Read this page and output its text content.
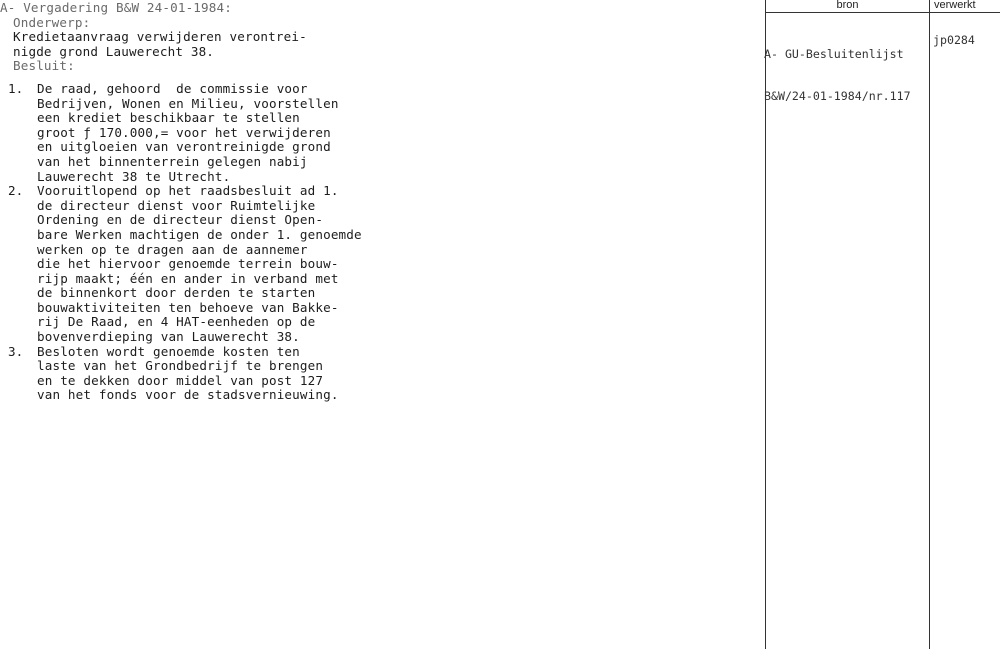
A- Vergadering B&W 24-01-1984:
Onderwerp:
Kredietaanvraag verwijderen verontrei-
nigde grond Lauwerecht 38.
Besluit:
1. De raad, gehoord  de commissie voor
Bedrijven, Wonen en Milieu, voorstellen
een krediet beschikbaar te stellen
groot ƒ 170.000,= voor het verwijderen
en uitgloeien van verontreinigde grond
van het binnenterrein gelegen nabij
Lauwerecht 38 te Utrecht.
2. Vooruitlopend op het raadsbesluit ad 1.
de directeur dienst voor Ruimtelijke
Ordening en de directeur dienst Open-
bare Werken machtigen de onder 1. genoemde
werken op te dragen aan de aannemer
die het hiervoor genoemde terrein bouw-
rijp maakt; één en ander in verband met
de binnenkort door derden te starten
bouwaktiviteiten ten behoeve van Bakke-
rij De Raad, en 4 HAT-eenheden op de
bovenverdieping van Lauwerecht 38.
3. Besloten wordt genoemde kosten ten
laste van het Grondbedrijf te brengen
en te dekken door middel van post 127
van het fonds voor de stadsvernieuwing.
bron	verwerkt

A- GU-Besluitenlijst

B&W/24-01-1984/nr.117

jp0284
